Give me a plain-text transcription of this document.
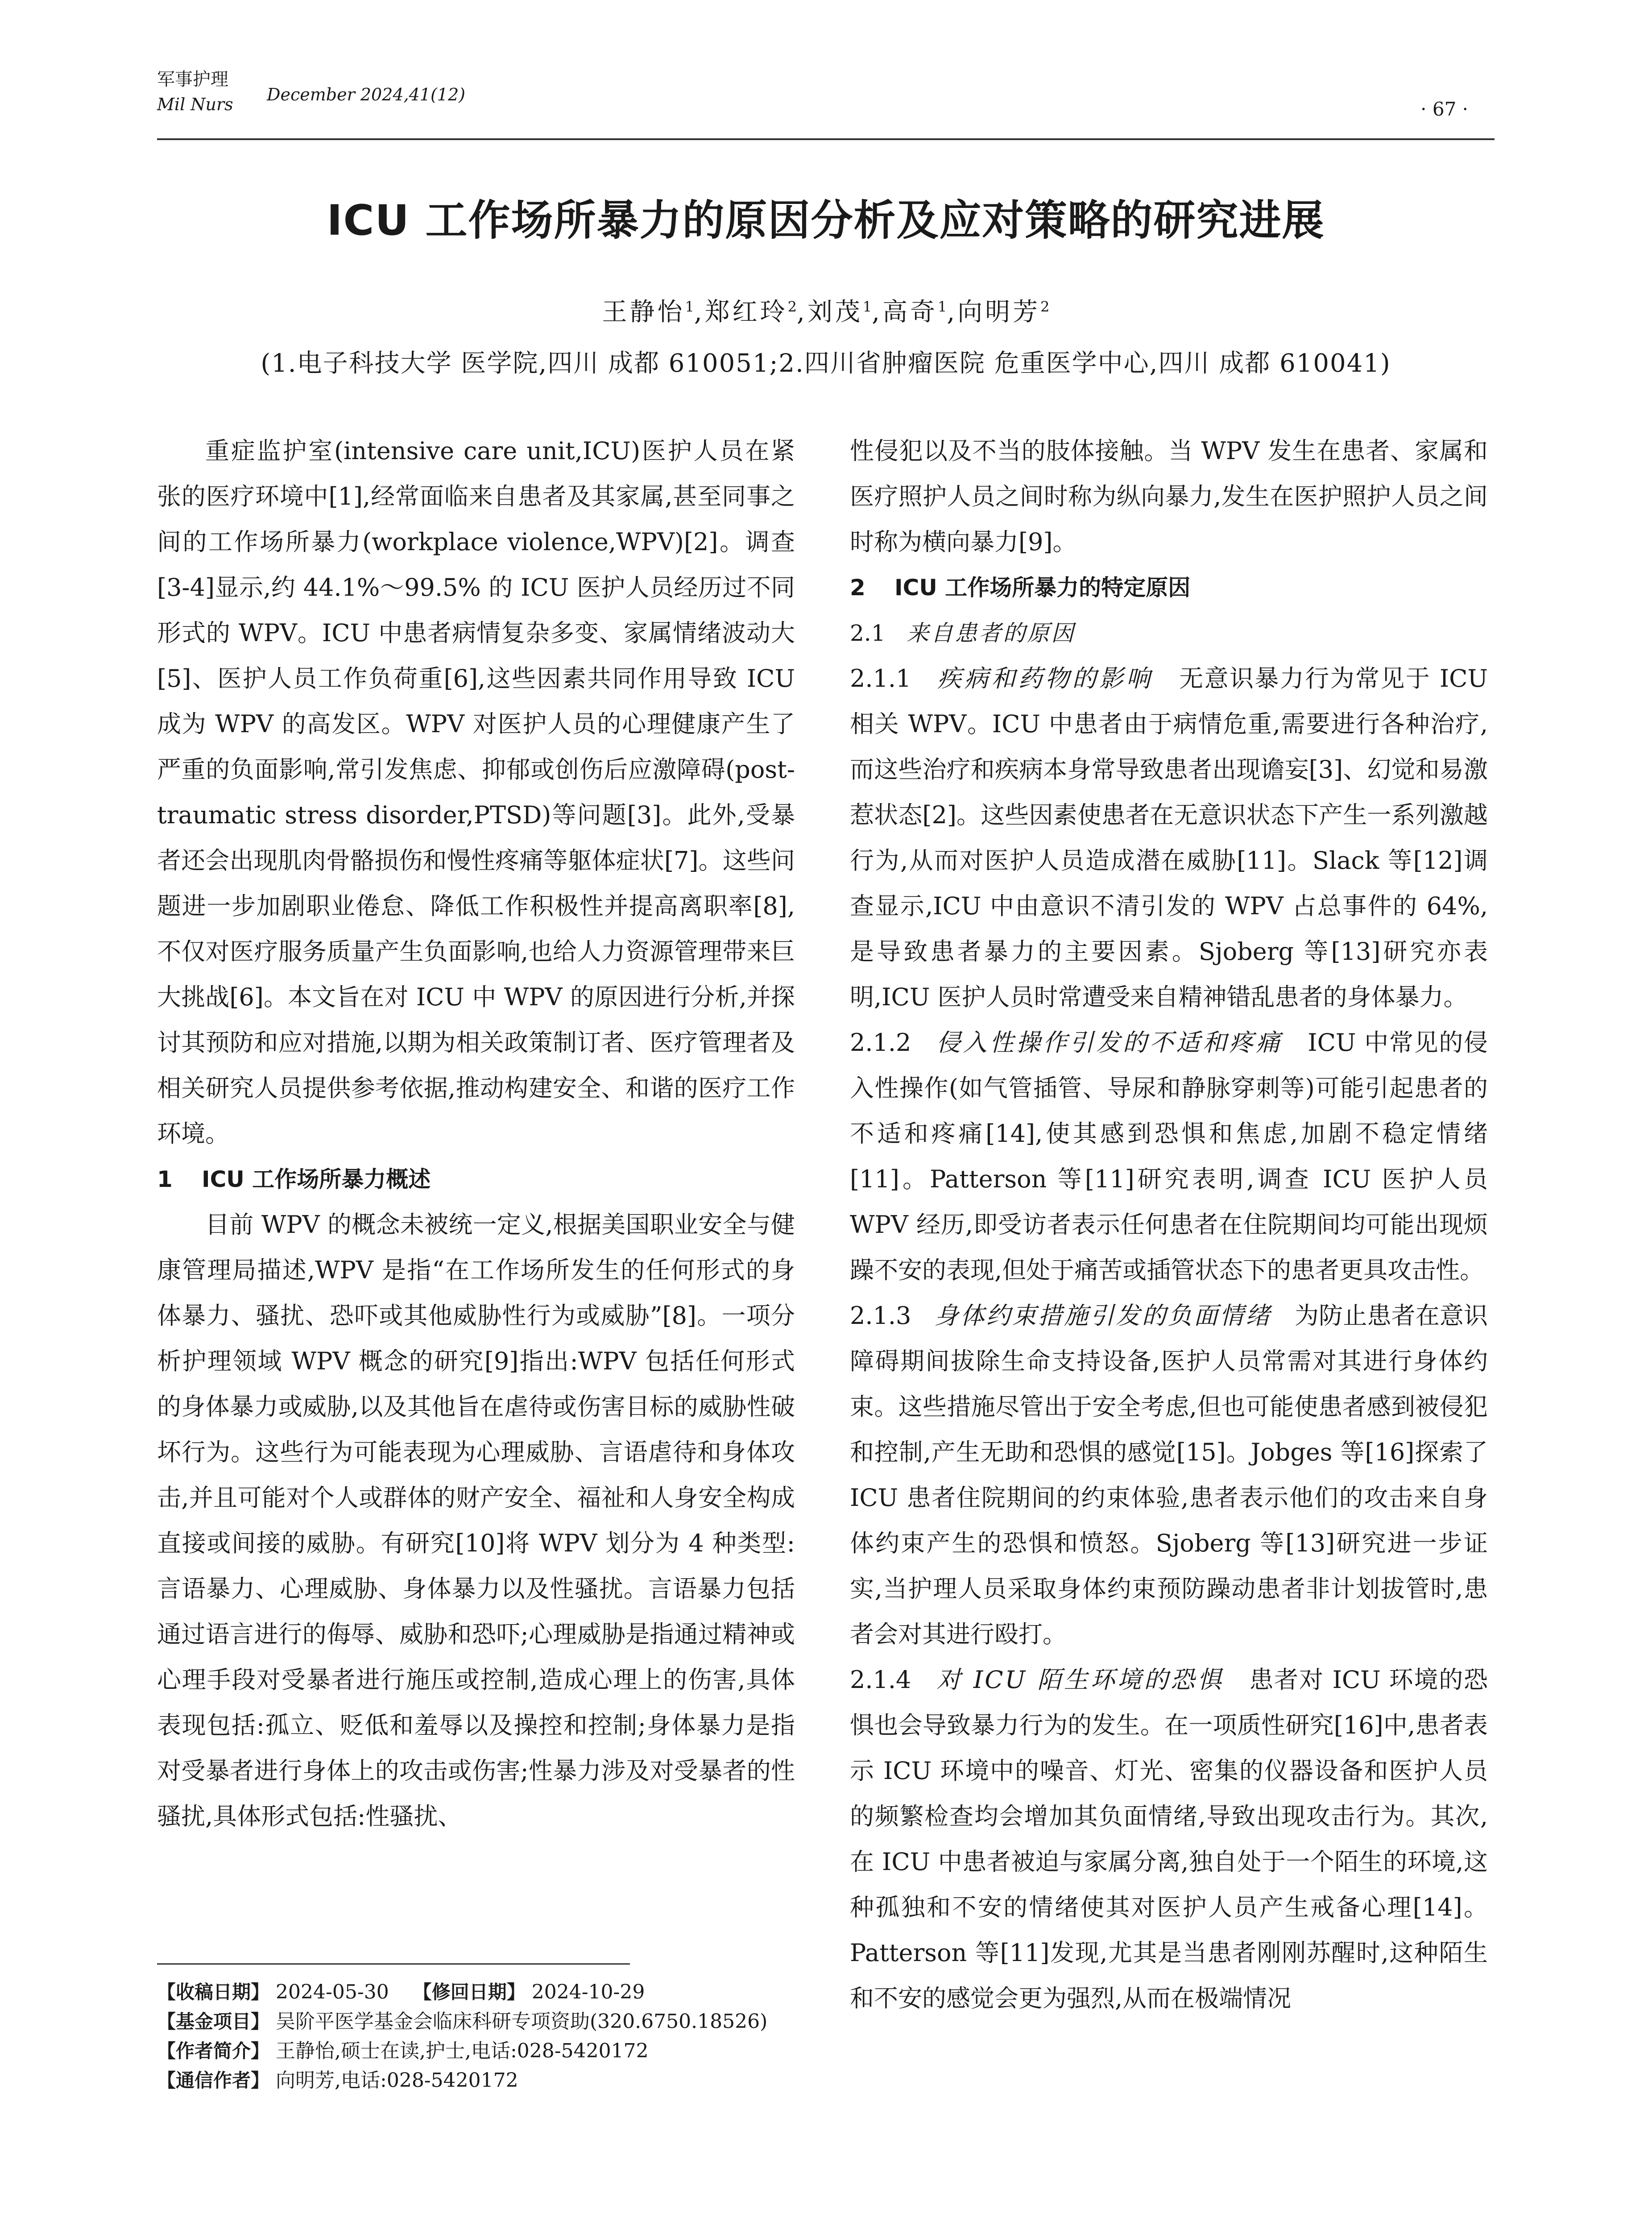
军事护理
Mil Nurs December 2024,41(12)
· 67 ·
ICU 工作场所暴力的原因分析及应对策略的研究进展
王静怡$^1$,郑红玲$^2$,刘茂$^1$,高奇$^1$,向明芳$^2$
(1.电子科技大学 医学院,四川 成都 610051;2.四川省肿瘤医院 危重医学中心,四川 成都 610041)

重症监护室(intensive care unit,ICU)医护人员在紧张的医疗环境中[1],经常面临来自患者及其家属,甚至同事之间的工作场所暴力(workplace violence,WPV)[2]。调查[3-4]显示,约 44.1%～99.5% 的 ICU 医护人员经历过不同形式的 WPV。ICU 中患者病情复杂多变、家属情绪波动大[5]、医护人员工作负荷重[6],这些因素共同作用导致 ICU 成为 WPV 的高发区。WPV 对医护人员的心理健康产生了严重的负面影响,常引发焦虑、抑郁或创伤后应激障碍(post-traumatic stress disorder,PTSD)等问题[3]。此外,受暴者还会出现肌肉骨骼损伤和慢性疼痛等躯体症状[7]。这些问题进一步加剧职业倦怠、降低工作积极性并提高离职率[8],不仅对医疗服务质量产生负面影响,也给人力资源管理带来巨大挑战[6]。本文旨在对 ICU 中 WPV 的原因进行分析,并探讨其预防和应对措施,以期为相关政策制订者、医疗管理者及相关研究人员提供参考依据,推动构建安全、和谐的医疗工作环境。

1 ICU 工作场所暴力概述

目前 WPV 的概念未被统一定义,根据美国职业安全与健康管理局描述,WPV 是指“在工作场所发生的任何形式的身体暴力、骚扰、恐吓或其他威胁性行为或威胁”[8]。一项分析护理领域 WPV 概念的研究[9]指出:WPV 包括任何形式的身体暴力或威胁,以及其他旨在虐待或伤害目标的威胁性破坏行为。这些行为可能表现为心理威胁、言语虐待和身体攻击,并且可能对个人或群体的财产安全、福祉和人身安全构成直接或间接的威胁。有研究[10]将 WPV 划分为 4 种类型:言语暴力、心理威胁、身体暴力以及性骚扰。言语暴力包括通过语言进行的侮辱、威胁和恐吓;心理威胁是指通过精神或心理手段对受暴者进行施压或控制,造成心理上的伤害,具体表现包括:孤立、贬低和羞辱以及操控和控制;身体暴力是指对受暴者进行身体上的攻击或伤害;性暴力涉及对受暴者的性骚扰,具体形式包括:性骚扰、

【收稿日期】 2024-05-30 【修回日期】 2024-10-29

【基金项目】 吴阶平医学基金会临床科研专项资助(320.6750.18526)

【作者简介】 王静怡,硕士在读,护士,电话:028-5420172

【通信作者】 向明芳,电话:028-5420172

性侵犯以及不当的肢体接触。当 WPV 发生在患者、家属和医疗照护人员之间时称为纵向暴力,发生在医护照护人员之间时称为横向暴力[9]。

2 ICU 工作场所暴力的特定原因

2.1 来自患者的原因

2.1.1 疾病和药物的影响 无意识暴力行为常见于 ICU 相关 WPV。ICU 中患者由于病情危重,需要进行各种治疗,而这些治疗和疾病本身常导致患者出现谵妄[3]、幻觉和易激惹状态[2]。这些因素使患者在无意识状态下产生一系列激越行为,从而对医护人员造成潜在威胁[11]。Slack 等[12]调查显示,ICU 中由意识不清引发的 WPV 占总事件的 64%,是导致患者暴力的主要因素。Sjoberg 等[13]研究亦表明,ICU 医护人员时常遭受来自精神错乱患者的身体暴力。

2.1.2 侵入性操作引发的不适和疼痛 ICU 中常见的侵入性操作(如气管插管、导尿和静脉穿刺等)可能引起患者的不适和疼痛[14],使其感到恐惧和焦虑,加剧不稳定情绪[11]。Patterson 等[11]研究表明,调查 ICU 医护人员 WPV 经历,即受访者表示任何患者在住院期间均可能出现烦躁不安的表现,但处于痛苦或插管状态下的患者更具攻击性。

2.1.3 身体约束措施引发的负面情绪 为防止患者在意识障碍期间拔除生命支持设备,医护人员常需对其进行身体约束。这些措施尽管出于安全考虑,但也可能使患者感到被侵犯和控制,产生无助和恐惧的感觉[15]。Jobges 等[16]探索了 ICU 患者住院期间的约束体验,患者表示他们的攻击来自身体约束产生的恐惧和愤怒。Sjoberg 等[13]研究进一步证实,当护理人员采取身体约束预防躁动患者非计划拔管时,患者会对其进行殴打。

2.1.4 对 ICU 陌生环境的恐惧 患者对 ICU 环境的恐惧也会导致暴力行为的发生。在一项质性研究[16]中,患者表示 ICU 环境中的噪音、灯光、密集的仪器设备和医护人员的频繁检查均会增加其负面情绪,导致出现攻击行为。其次,在 ICU 中患者被迫与家属分离,独自处于一个陌生的环境,这种孤独和不安的情绪使其对医护人员产生戒备心理[14]。Patterson 等[11]发现,尤其是当患者刚刚苏醒时,这种陌生和不安的感觉会更为强烈,从而在极端情况
